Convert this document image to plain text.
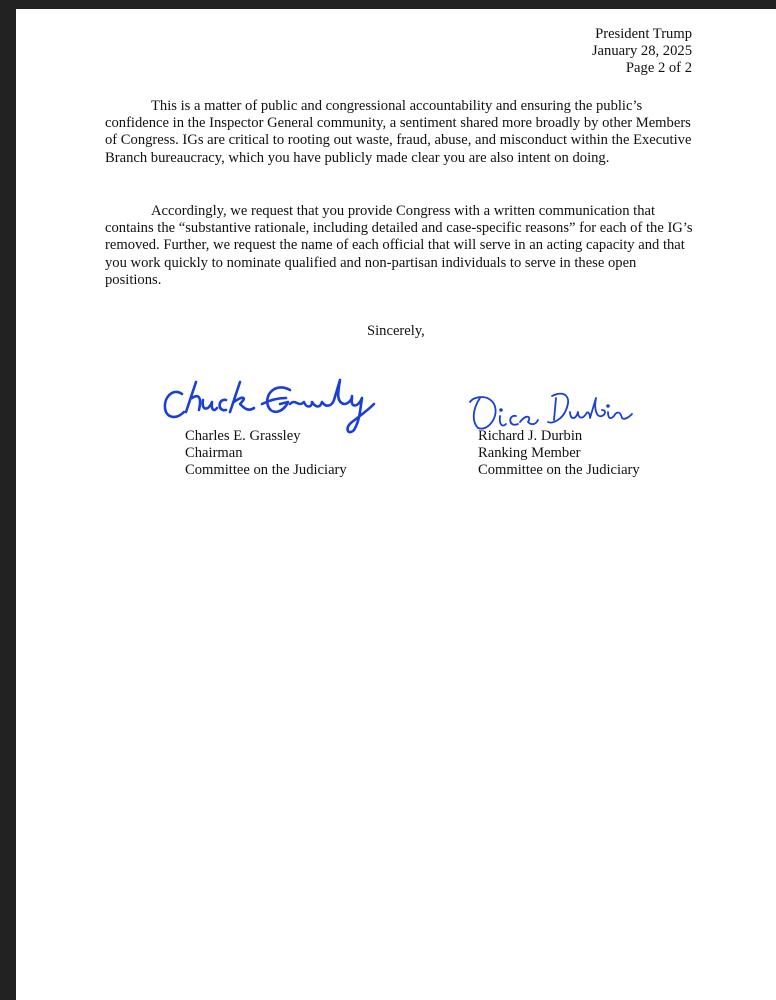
President Trump
January 28, 2025
Page 2 of 2

This is a matter of public and congressional accountability and ensuring the public’s confidence in the Inspector General community, a sentiment shared more broadly by other Members of Congress. IGs are critical to rooting out waste, fraud, abuse, and misconduct within the Executive Branch bureaucracy, which you have publicly made clear you are also intent on doing.

Accordingly, we request that you provide Congress with a written communication that contains the “substantive rationale, including detailed and case-specific reasons” for each of the IG’s removed. Further, we request the name of each official that will serve in an acting capacity and that you work quickly to nominate qualified and non-partisan individuals to serve in these open positions.

Sincerely,
Charles E. Grassley
Chairman
Committee on the Judiciary
Richard J. Durbin
Ranking Member
Committee on the Judiciary
